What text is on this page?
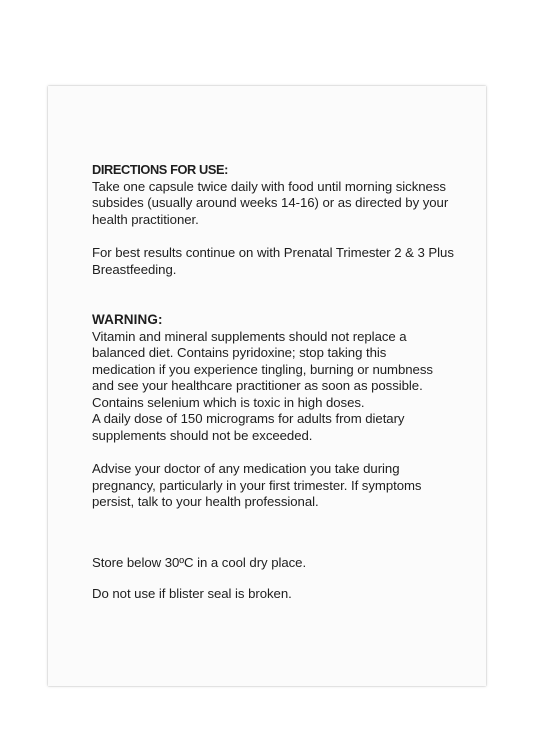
DIRECTIONS FOR USE:

Take one capsule twice daily with food until morning sickness
subsides (usually around weeks 14-16) or as directed by your
health practitioner.

For best results continue on with Prenatal Trimester 2 & 3 Plus
Breastfeeding.

WARNING:

Vitamin and mineral supplements should not replace a
balanced diet. Contains pyridoxine; stop taking this
medication if you experience tingling, burning or numbness
and see your healthcare practitioner as soon as possible.
Contains selenium which is toxic in high doses.
A daily dose of 150 micrograms for adults from dietary
supplements should not be exceeded.

Advise your doctor of any medication you take during
pregnancy, particularly in your first trimester. If symptoms
persist, talk to your health professional.

Store below 30ºC in a cool dry place.

Do not use if blister seal is broken.
